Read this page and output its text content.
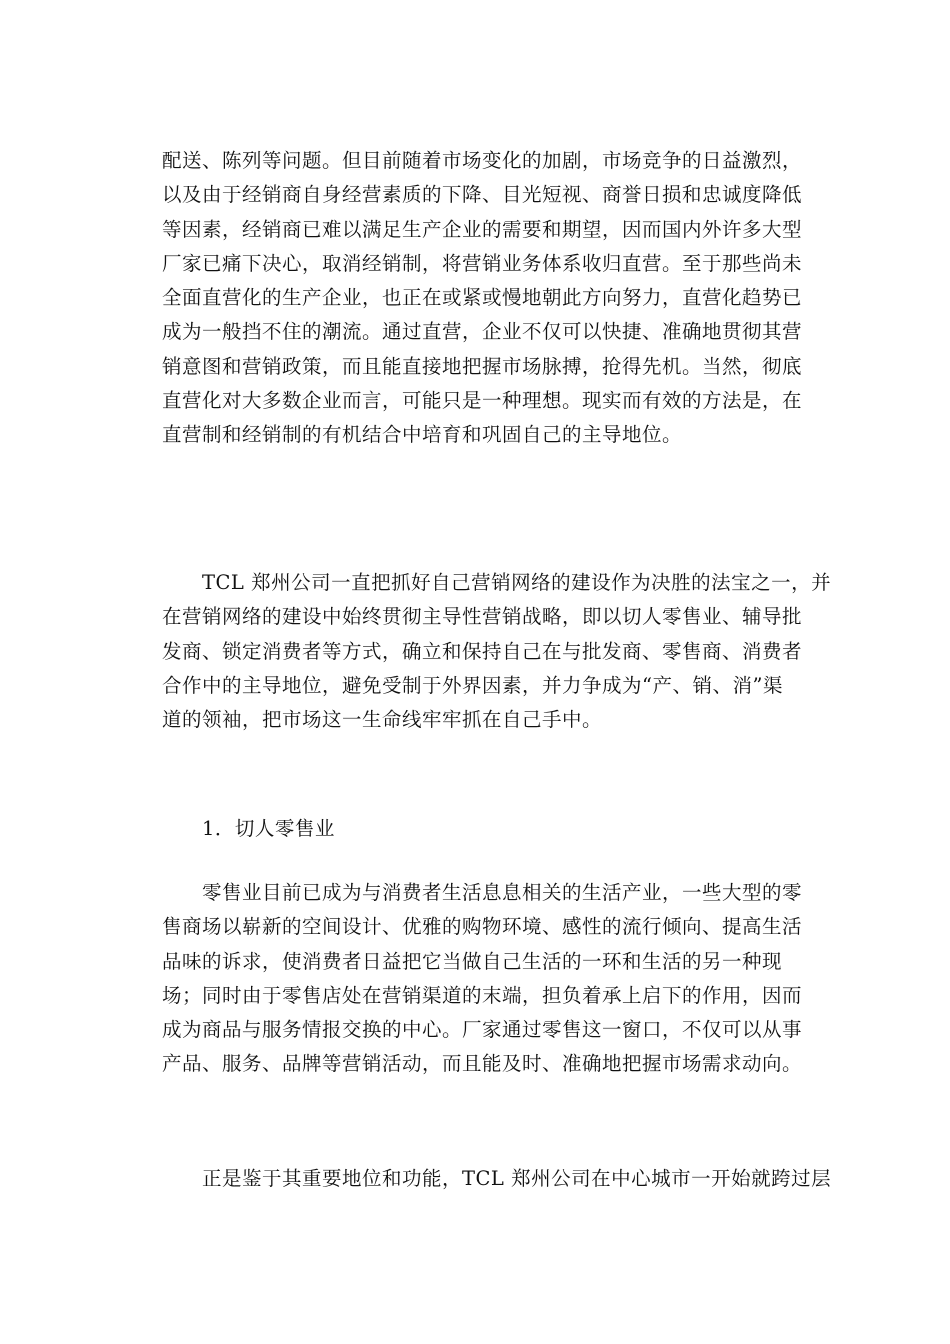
配送、陈列等问题。但目前随着市场变化的加剧，市场竞争的日益激烈，
以及由于经销商自身经营素质的下降、目光短视、商誉日损和忠诚度降低
等因素，经销商已难以满足生产企业的需要和期望，因而国内外许多大型
厂家已痛下决心，取消经销制，将营销业务体系收归直营。至于那些尚未
全面直营化的生产企业，也正在或紧或慢地朝此方向努力，直营化趋势已
成为一般挡不住的潮流。通过直营，企业不仅可以快捷、准确地贯彻其营
销意图和营销政策，而且能直接地把握市场脉搏，抢得先机。当然，彻底
直营化对大多数企业而言，可能只是一种理想。现实而有效的方法是，在
直营制和经销制的有机结合中培育和巩固自己的主导地位。
　　TCL 郑州公司一直把抓好自己营销网络的建设作为决胜的法宝之一，并
在营销网络的建设中始终贯彻主导性营销战略，即以切人零售业、辅导批
发商、锁定消费者等方式，确立和保持自己在与批发商、零售商、消费者
合作中的主导地位，避免受制于外界因素，并力争成为“产、销、消”渠
道的领袖，把市场这一生命线牢牢抓在自己手中。
　　1．切人零售业
　　零售业目前已成为与消费者生活息息相关的生活产业，一些大型的零
售商场以崭新的空间设计、优雅的购物环境、感性的流行倾向、提高生活
品味的诉求，使消费者日益把它当做自己生活的一环和生活的另一种现
场；同时由于零售店处在营销渠道的末端，担负着承上启下的作用，因而
成为商品与服务情报交换的中心。厂家通过零售这一窗口，不仅可以从事
产品、服务、品牌等营销活动，而且能及时、准确地把握市场需求动向。
　　正是鉴于其重要地位和功能，TCL 郑州公司在中心城市一开始就跨过层
